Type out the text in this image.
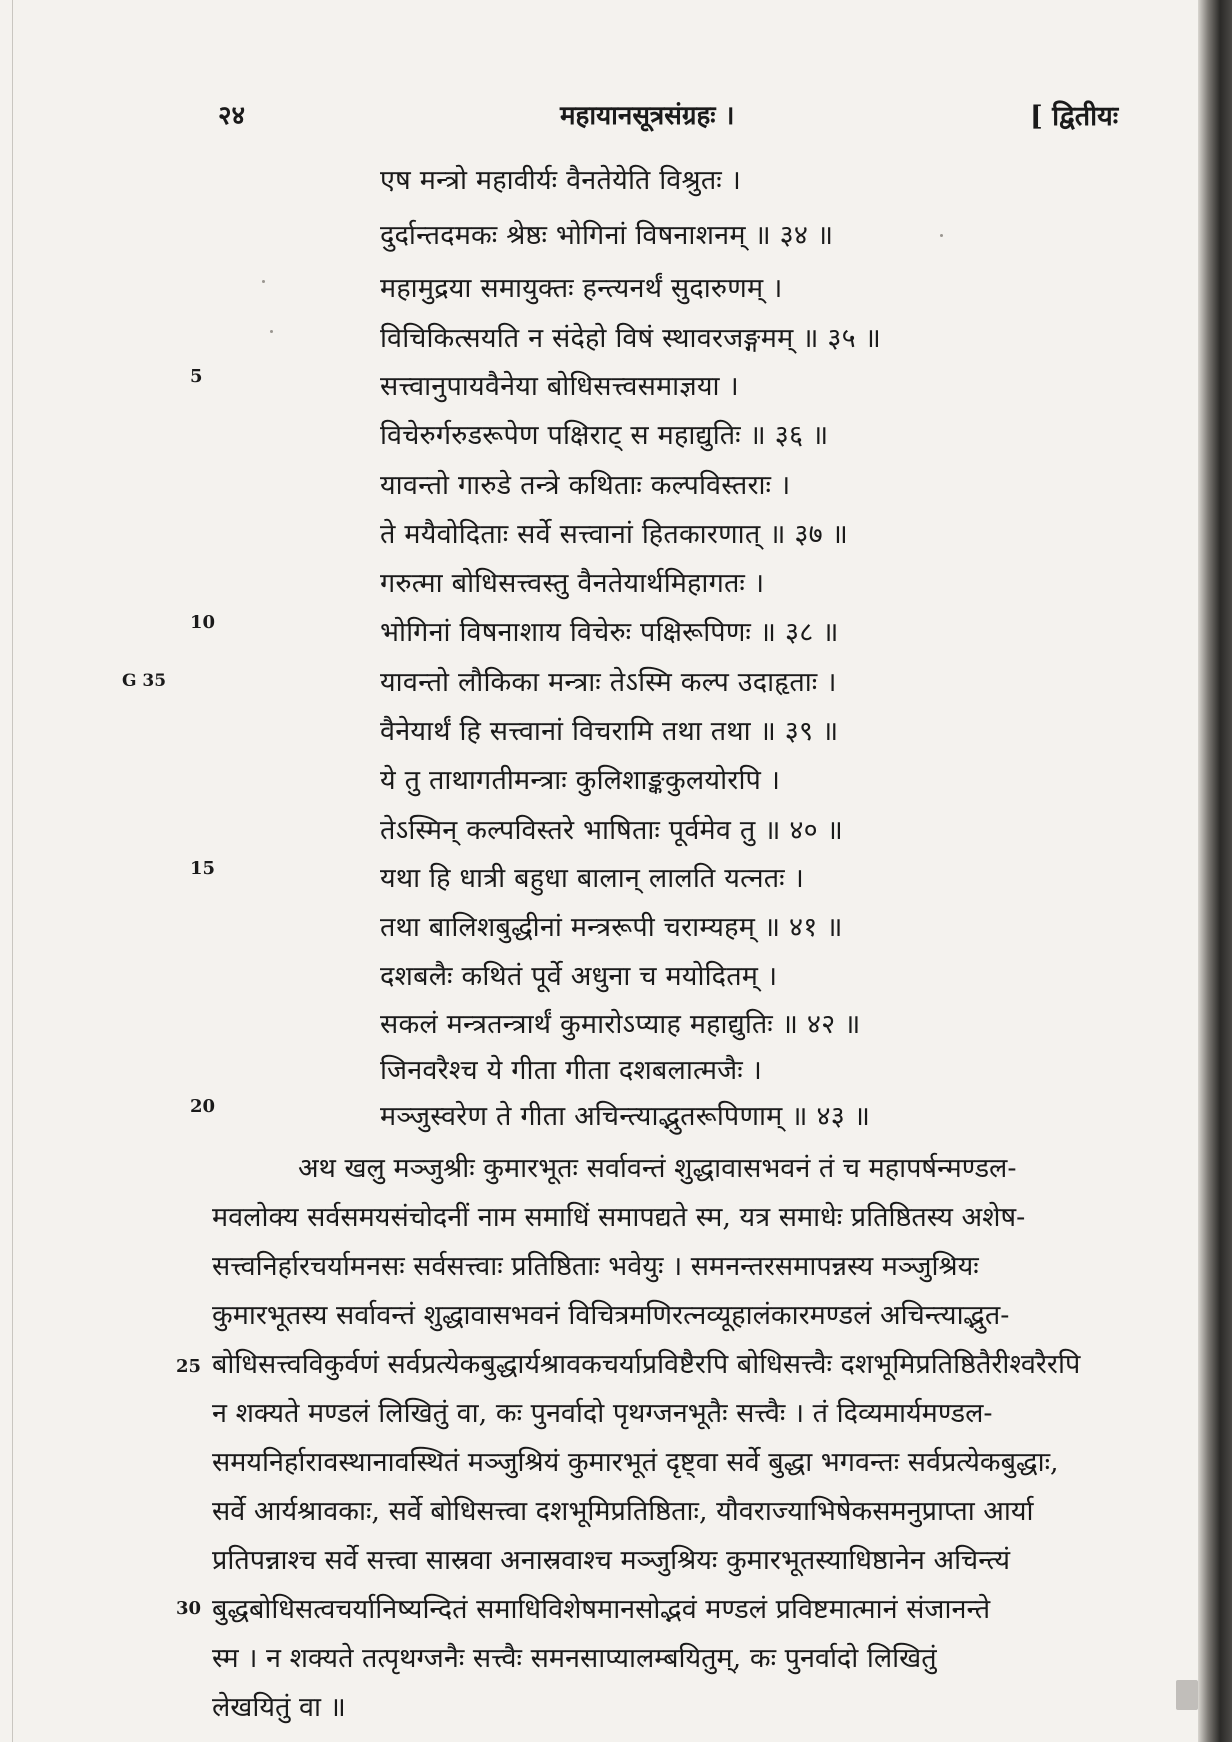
२४	महायानसूत्रसंग्रहः ।	[ द्वितीयः
G 35
5
10
15
20
एष मन्त्रो महावीर्यः वैनतेयेति विश्रुतः ।
दुर्दान्तदमकः श्रेष्ठः भोगिनां विषनाशनम् ॥ ३४ ॥
महामुद्रया समायुक्तः हन्त्यनर्थं सुदारुणम् ।
विचिकित्सयति न संदेहो विषं स्थावरजङ्गमम् ॥ ३५ ॥
सत्त्वानुपायवैनेया बोधिसत्त्वसमाज्ञया ।
विचेरुर्गरुडरूपेण पक्षिराट् स महाद्युतिः ॥ ३६ ॥
यावन्तो गारुडे तन्त्रे कथिताः कल्पविस्तराः ।
ते मयैवोदिताः सर्वे सत्त्वानां हितकारणात् ॥ ३७ ॥
गरुत्मा बोधिसत्त्वस्तु वैनतेयार्थमिहागतः ।
भोगिनां विषनाशाय विचेरुः पक्षिरूपिणः ॥ ३८ ॥
यावन्तो लौकिका मन्त्राः तेऽस्मि कल्प उदाहृताः ।
वैनेयार्थं हि सत्त्वानां विचरामि तथा तथा ॥ ३९ ॥
ये तु ताथागतीमन्त्राः कुलिशाङ्ककुलयोरपि ।
तेऽस्मिन् कल्पविस्तरे भाषिताः पूर्वमेव तु ॥ ४० ॥
यथा हि धात्री बहुधा बालान् लालति यत्नतः ।
तथा बालिशबुद्धीनां मन्त्ररूपी चराम्यहम् ॥ ४१ ॥
दशबलैः कथितं पूर्वे अधुना च मयोदितम् ।
सकलं मन्त्रतन्त्रार्थं कुमारोऽप्याह महाद्युतिः ॥ ४२ ॥
जिनवरैश्च ये गीता गीता दशबलात्मजैः ।
मञ्जुस्वरेण ते गीता अचिन्त्याद्भुतरूपिणाम् ॥ ४३ ॥
25
30
अथ खलु मञ्जुश्रीः कुमारभूतः सर्वावन्तं शुद्धावासभवनं तं च महापर्षन्मण्डल-
मवलोक्य सर्वसमयसंचोदनीं नाम समाधिं समापद्यते स्म, यत्र समाधेः प्रतिष्ठितस्य अशेष-
सत्त्वनिर्हारचर्यामनसः सर्वसत्त्वाः प्रतिष्ठिताः भवेयुः । समनन्तरसमापन्नस्य मञ्जुश्रियः
कुमारभूतस्य सर्वावन्तं शुद्धावासभवनं विचित्रमणिरत्नव्यूहालंकारमण्डलं अचिन्त्याद्भुत-
बोधिसत्त्वविकुर्वणं सर्वप्रत्येकबुद्धार्यश्रावकचर्याप्रविष्टैरपि बोधिसत्त्वैः दशभूमिप्रतिष्ठितैरीश्वरैरपि
न शक्यते मण्डलं लिखितुं वा, कः पुनर्वादो पृथग्जनभूतैः सत्त्वैः । तं दिव्यमार्यमण्डल-
समयनिर्हारावस्थानावस्थितं मञ्जुश्रियं कुमारभूतं दृष्ट्वा सर्वे बुद्धा भगवन्तः सर्वप्रत्येकबुद्धाः,
सर्वे आर्यश्रावकाः, सर्वे बोधिसत्त्वा दशभूमिप्रतिष्ठिताः, यौवराज्याभिषेकसमनुप्राप्ता आर्या
प्रतिपन्नाश्च सर्वे सत्त्वा सास्रवा अनास्रवाश्च मञ्जुश्रियः कुमारभूतस्याधिष्ठानेन अचिन्त्यं
बुद्धबोधिसत्वचर्यानिष्यन्दितं समाधिविशेषमानसोद्भवं मण्डलं प्रविष्टमात्मानं संजानन्ते
स्म । न शक्यते तत्पृथग्जनैः सत्त्वैः समनसाप्यालम्बयितुम्, कः पुनर्वादो लिखितुं
लेखयितुं वा ॥
